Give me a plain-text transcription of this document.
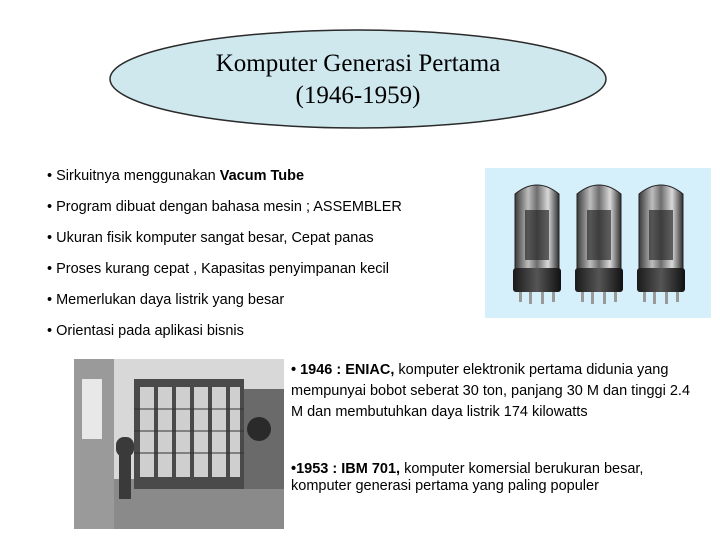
Komputer Generasi Pertama
(1946-1959)
• Sirkuitnya menggunakan Vacum Tube
• Program dibuat dengan bahasa mesin ; ASSEMBLER
• Ukuran fisik komputer sangat besar, Cepat panas
• Proses kurang cepat , Kapasitas penyimpanan kecil
• Memerlukan daya listrik yang besar
• Orientasi pada aplikasi bisnis
• 1946 : ENIAC, komputer elektronik pertama didunia yang mempunyai bobot seberat 30 ton, panjang 30 M dan tinggi 2.4 M dan membutuhkan daya listrik 174 kilowatts
•1953 : IBM 701, komputer komersial berukuran besar, komputer generasi pertama yang paling populer
